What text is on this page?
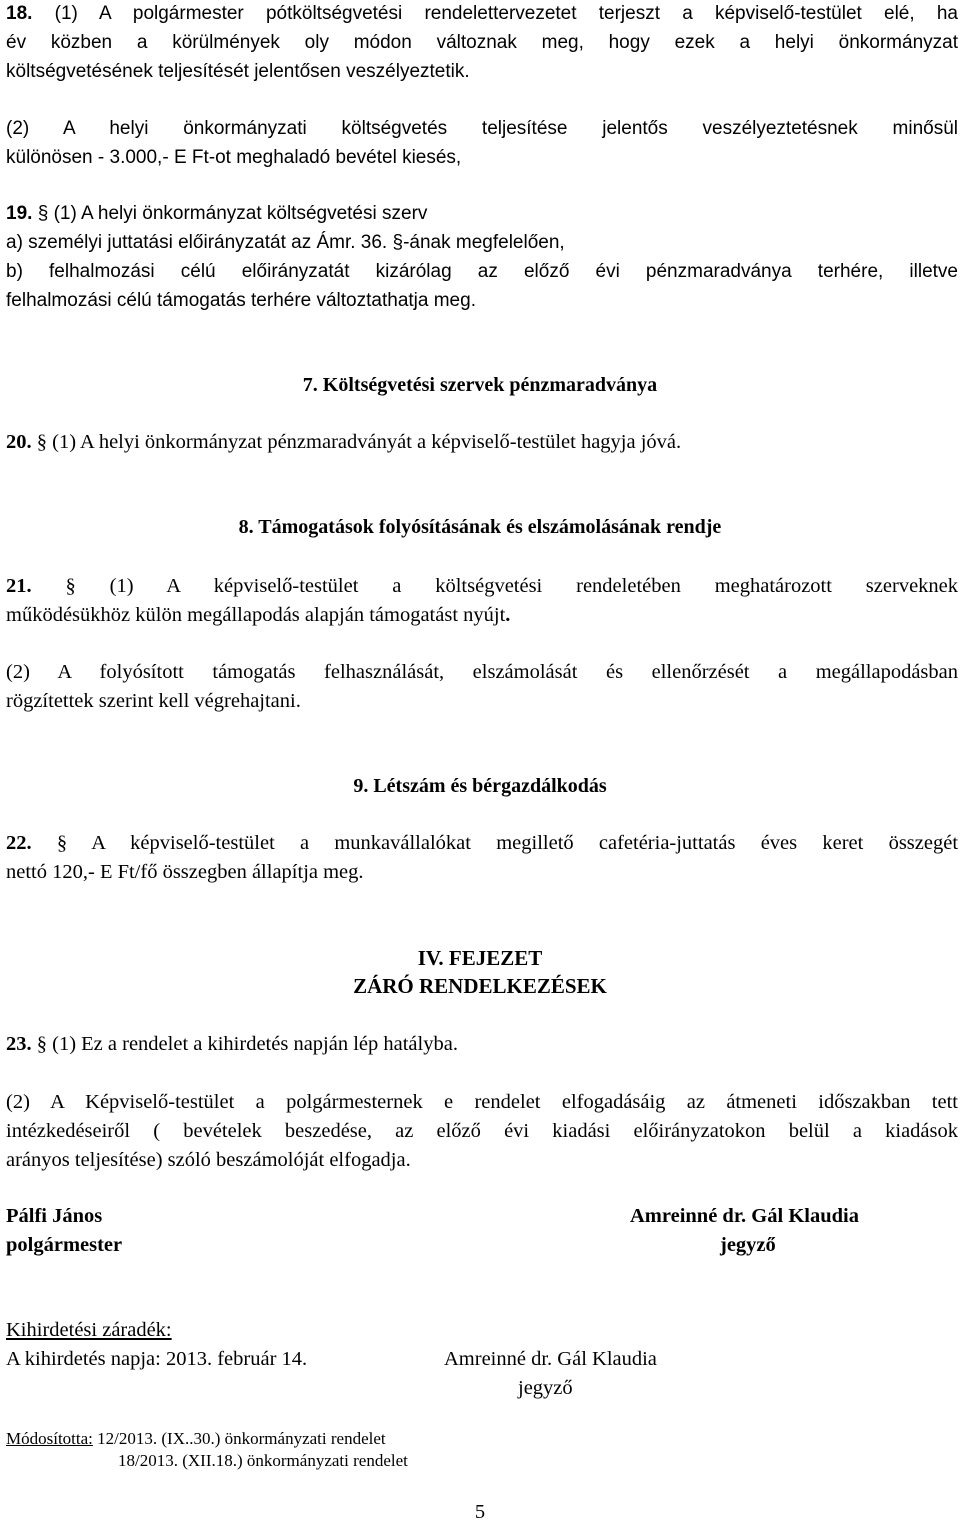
18. (1) A polgármester pótköltségvetési rendelettervezetet terjeszt a képviselő-testület elé, ha
év közben a körülmények oly módon változnak meg, hogy ezek a helyi önkormányzat
költségvetésének teljesítését jelentősen veszélyeztetik.
(2) A helyi önkormányzati költségvetés teljesítése jelentős veszélyeztetésnek minősül
különösen - 3.000,- E Ft-ot meghaladó bevétel kiesés,
19. § (1) A helyi önkormányzat költségvetési szerv
a) személyi juttatási előirányzatát az Ámr. 36. §-ának megfelelően,
b) felhalmozási célú előirányzatát kizárólag az előző évi pénzmaradványa terhére, illetve
felhalmozási célú támogatás terhére változtathatja meg.
7. Költségvetési szervek pénzmaradványa
20. § (1) A helyi önkormányzat pénzmaradványát a képviselő-testület hagyja jóvá.
8. Támogatások folyósításának és elszámolásának rendje
21. § (1) A képviselő-testület a költségvetési rendeletében meghatározott szerveknek
működésükhöz külön megállapodás alapján támogatást nyújt.
(2) A folyósított támogatás felhasználását, elszámolását és ellenőrzését a megállapodásban
rögzítettek szerint kell végrehajtani.
9. Létszám és bérgazdálkodás
22. § A képviselő-testület a munkavállalókat megillető cafetéria-juttatás éves keret összegét
nettó 120,- E Ft/fő összegben állapítja meg.
IV. FEJEZET
ZÁRÓ RENDELKEZÉSEK
23. § (1) Ez a rendelet a kihirdetés napján lép hatályba.
(2) A Képviselő-testület a polgármesternek e rendelet elfogadásáig az átmeneti időszakban tett
intézkedéseiről ( bevételek beszedése, az előző évi kiadási előirányzatokon belül a kiadások
arányos teljesítése) szóló beszámolóját elfogadja.
Pálfi János
polgármester
Amreinné dr. Gál Klaudia
jegyző
Kihirdetési záradék:
A kihirdetés napja: 2013. február 14.	Amreinné dr. Gál Klaudia
jegyző
Módosította: 12/2013. (IX..30.) önkormányzati rendelet
18/2013. (XII.18.) önkormányzati rendelet
5
